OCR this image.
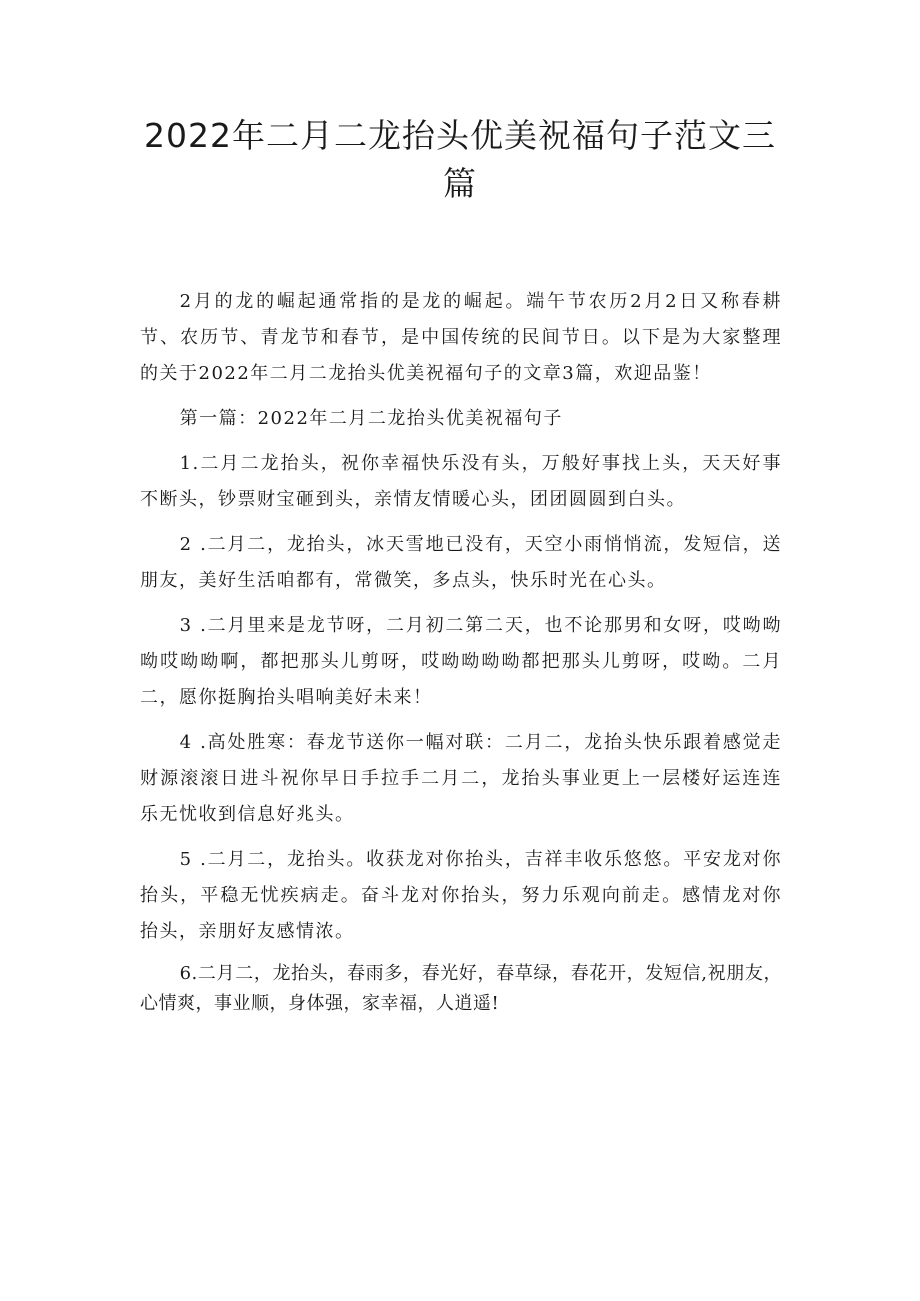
2022年二月二龙抬头优美祝福句子范文三篇

2月的龙的崛起通常指的是龙的崛起。端午节农历2月2日又称春耕节、农历节、青龙节和春节，是中国传统的民间节日。以下是为大家整理的关于2022年二月二龙抬头优美祝福句子的文章3篇，欢迎品鉴！

第一篇：2022年二月二龙抬头优美祝福句子

1.二月二龙抬头，祝你幸福快乐没有头，万般好事找上头，天天好事不断头，钞票财宝砸到头，亲情友情暖心头，团团圆圆到白头。

2 .二月二，龙抬头，冰天雪地已没有，天空小雨悄悄流，发短信，送朋友，美好生活咱都有，常微笑，多点头，快乐时光在心头。

3 .二月里来是龙节呀，二月初二第二天，也不论那男和女呀，哎呦呦呦哎呦呦啊，都把那头儿剪呀，哎呦呦呦呦都把那头儿剪呀，哎呦。二月二，愿你挺胸抬头唱响美好未来！

4 .高处胜寒：春龙节送你一幅对联：二月二，龙抬头快乐跟着感觉走财源滚滚日进斗祝你早日手拉手二月二，龙抬头事业更上一层楼好运连连乐无忧收到信息好兆头。

5 .二月二，龙抬头。收获龙对你抬头，吉祥丰收乐悠悠。平安龙对你抬头，平稳无忧疾病走。奋斗龙对你抬头，努力乐观向前走。感情龙对你抬头，亲朋好友感情浓。

6.二月二，龙抬头，春雨多，春光好，春草绿，春花开，发短信,祝朋友，心情爽，事业顺，身体强，家幸福，人逍遥!
